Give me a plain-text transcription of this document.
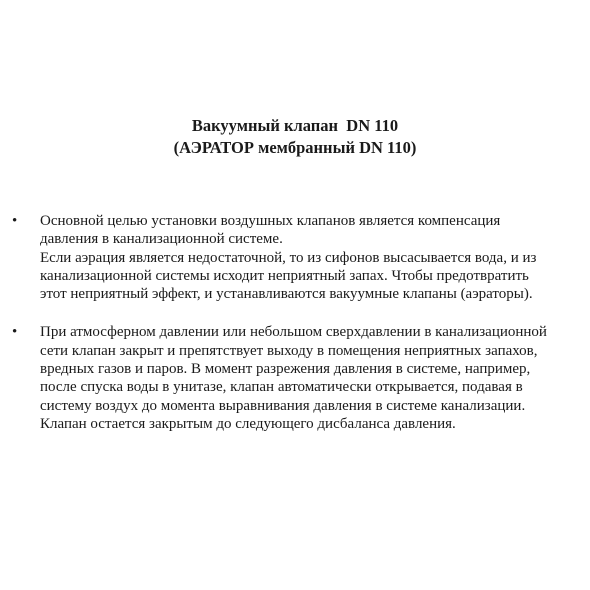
Вакуумный клапан  DN 110
(АЭРАТОР мембранный DN 110)
• Основной целью установки воздушных клапанов является компенсация
давления в канализационной системе.
Если аэрация является недостаточной, то из сифонов высасывается вода, и из
канализационной системы исходит неприятный запах. Чтобы предотвратить
этот неприятный эффект, и устанавливаются вакуумные клапаны (аэраторы).
• При атмосферном давлении или небольшом сверхдавлении в канализационной
сети клапан закрыт и препятствует выходу в помещения неприятных запахов,
вредных газов и паров. В момент разрежения давления в системе, например,
после спуска воды в унитазе, клапан автоматически открывается, подавая в
систему воздух до момента выравнивания давления в системе канализации.
Клапан остается закрытым до следующего дисбаланса давления.
